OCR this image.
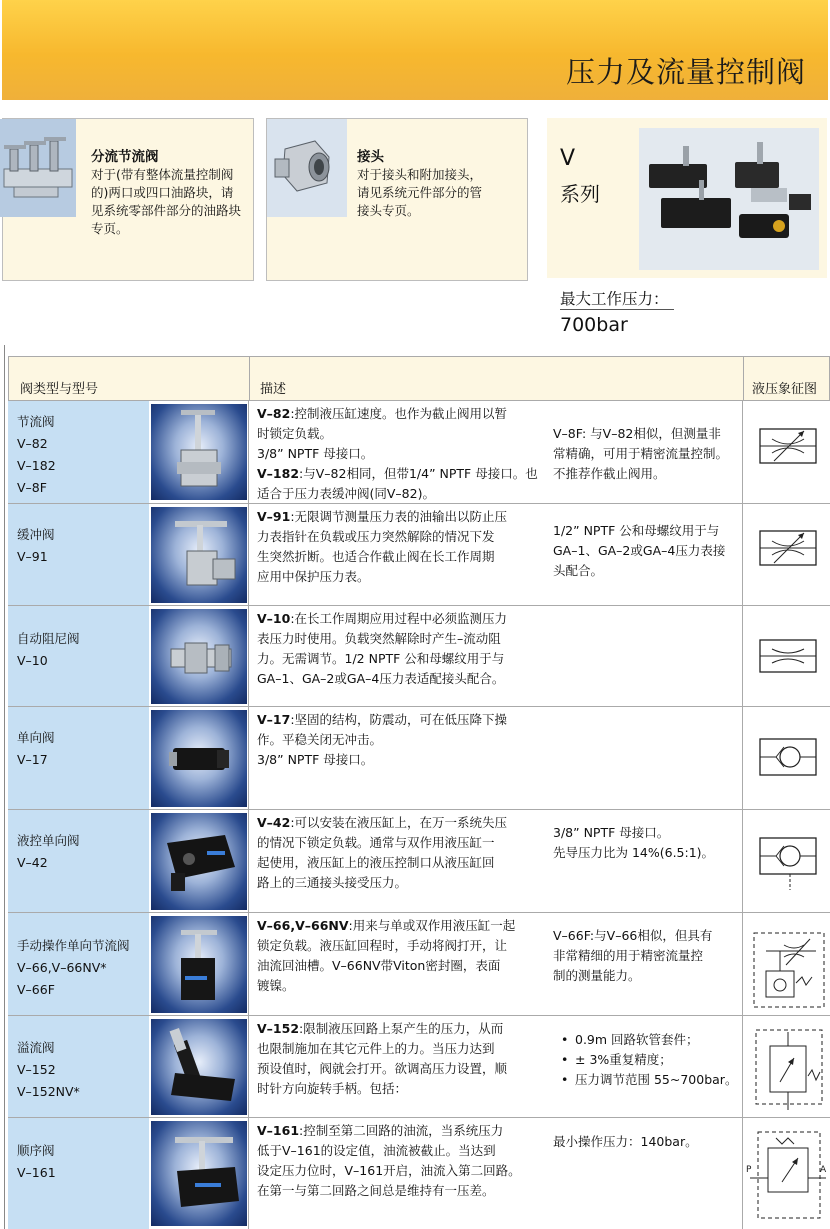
压力及流量控制阀
分流节流阀
对于(带有整体流量控制阀
的)两口或四口油路块，请
见系统零部件部分的油路块
专页。
接头
对于接头和附加接头，
请见系统元件部分的管
接头专页。
V
系列
最大工作压力：
700bar
阀类型与型号	描述	液压象征图
节流阀
V–82
V–182
V–8F
V–82:控制液压缸速度。也作为截止阀用以暂
时锁定负载。
3/8” NPTF 母接口。
V–182:与V–82相同，但带1/4” NPTF 母接口。也
适合于压力表缓冲阀(同V–82)。
V–8F: 与V–82相似，但测量非
常精确，可用于精密流量控制。
不推荐作截止阀用。
缓冲阀
V–91
V–91:无限调节测量压力表的油输出以防止压
力表指针在负载或压力突然解除的情况下发
生突然折断。也适合作截止阀在长工作周期
应用中保护压力表。
1/2” NPTF 公和母螺纹用于与
GA–1、GA–2或GA–4压力表接
头配合。
自动阻尼阀
V–10
V–10:在长工作周期应用过程中必须监测压力
表压力时使用。负载突然解除时产生–流动阻
力。无需调节。1/2 NPTF 公和母螺纹用于与
GA–1、GA–2或GA–4压力表适配接头配合。
单向阀
V–17
V–17:坚固的结构，防震动，可在低压降下操
作。平稳关闭无冲击。
3/8” NPTF 母接口。
液控单向阀
V–42
V–42:可以安装在液压缸上，在万一系统失压
的情况下锁定负载。通常与双作用液压缸一
起使用，液压缸上的液压控制口从液压缸回
路上的三通接头接受压力。
3/8” NPTF 母接口。
先导压力比为 14%(6.5:1)。
手动操作单向节流阀
V–66,V–66NV*
V–66F
V–66,V–66NV:用来与单或双作用液压缸一起
锁定负载。液压缸回程时，手动将阀打开，让
油流回油槽。V–66NV带Viton密封圈，表面
镀镍。
V–66F:与V–66相似，但具有
非常精细的用于精密流量控
制的测量能力。
溢流阀
V–152
V–152NV*
V–152:限制液压回路上泵产生的压力，从而
也限制施加在其它元件上的力。当压力达到
预设值时，阀就会打开。欲调高压力设置，顺
时针方向旋转手柄。包括：
• 0.9m 回路软管套件；
• ± 3%重复精度；
• 压力调节范围 55~700bar。
顺序阀
V–161
V–161:控制至第二回路的油流，当系统压力
低于V–161的设定值，油流被截止。当达到
设定压力位时，V–161开启，油流入第二回路。
在第一与第二回路之间总是维持有一压差。
最小操作压力：140bar。
P	A
